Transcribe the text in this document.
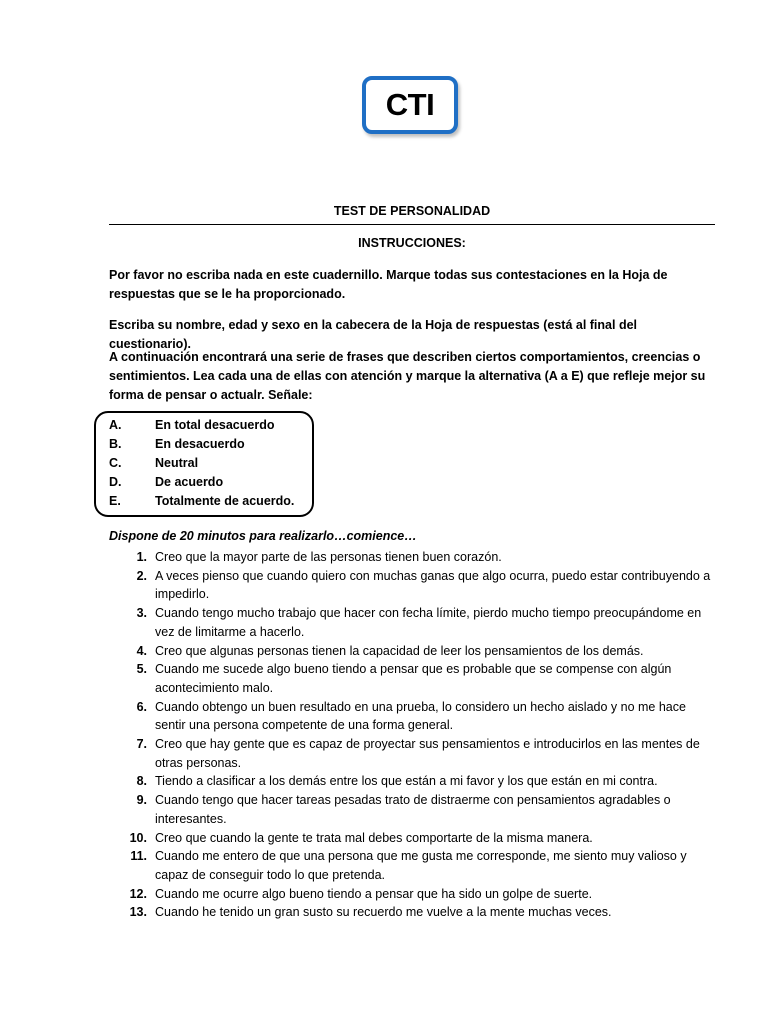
CTI
TEST DE PERSONALIDAD
INSTRUCCIONES:
Por favor no escriba nada en este cuadernillo. Marque todas sus contestaciones en la Hoja de respuestas que se le ha proporcionado.
Escriba su nombre, edad y sexo en la cabecera de la Hoja de respuestas (está al final del cuestionario).
A continuación encontrará una serie de frases que describen ciertos comportamientos, creencias o sentimientos. Lea cada una de ellas con atención y marque la alternativa (A a E) que refleje mejor su forma de pensar o actualr. Señale:
A.	En total desacuerdo
B.	En desacuerdo
C.	Neutral
D.	De acuerdo
E.	Totalmente de acuerdo.
Dispone de 20 minutos para realizarlo…comience…
1. Creo que la mayor parte de las personas tienen buen corazón.
2. A veces pienso que cuando quiero con muchas ganas que algo ocurra, puedo estar contribuyendo a impedirlo.
3. Cuando tengo mucho trabajo que hacer con fecha límite, pierdo mucho tiempo preocupándome en vez de limitarme a hacerlo.
4. Creo que algunas personas tienen la capacidad de leer los pensamientos de los demás.
5. Cuando me sucede algo bueno tiendo a pensar que es probable que se compense con algún acontecimiento malo.
6. Cuando obtengo un buen resultado en una prueba, lo considero un hecho aislado y no me hace sentir una persona competente de una forma general.
7. Creo que hay gente que es capaz de proyectar sus pensamientos e introducirlos en las mentes de otras personas.
8. Tiendo a clasificar a los demás entre los que están a mi favor y los que están en mi contra.
9. Cuando tengo que hacer tareas pesadas trato de distraerme con pensamientos agradables o interesantes.
10. Creo que cuando la gente te trata mal debes comportarte de la misma manera.
11. Cuando me entero de que una persona que me gusta me corresponde, me siento muy valioso y capaz de conseguir todo lo que pretenda.
12. Cuando me ocurre algo bueno tiendo a pensar que ha sido un golpe de suerte.
13. Cuando he tenido un gran susto su recuerdo me vuelve a la mente muchas veces.
